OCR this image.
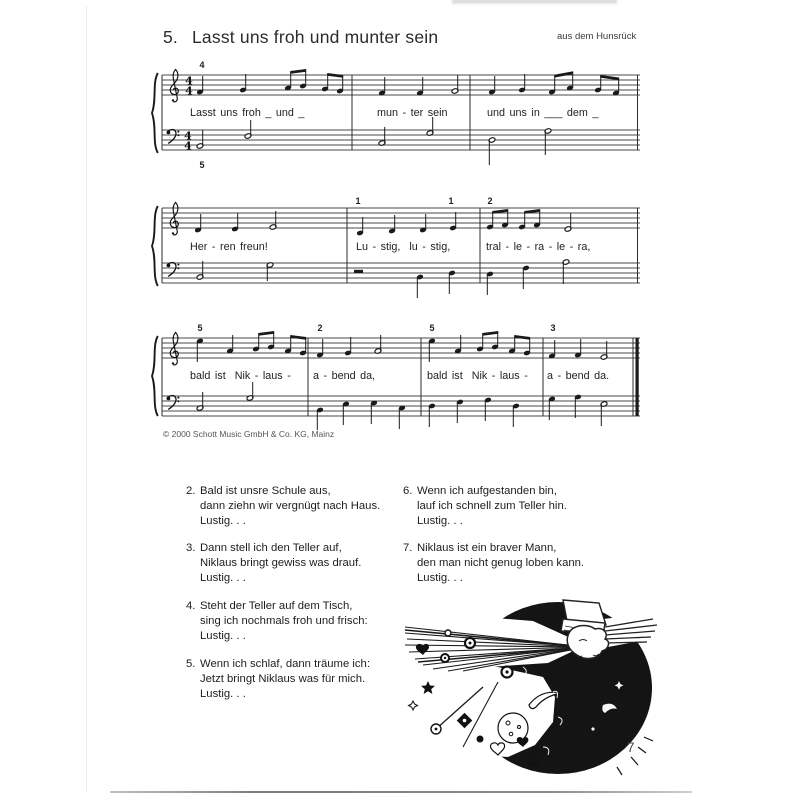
5. Lasst uns froh und munter sein	aus dem Hunsrück
4
4
4
4
4
5
Lasst uns froh _ und _	mun - ter sein	und uns in ___ dem _
1	1	2
Her - ren freun!	Lu - stig,  lu - stig,	tral - le - ra - le - ra,
5	2	5	3
bald ist  Nik - laus - a - bend da,	bald ist  Nik - laus - a - bend da.
© 2000 Schott Music GmbH & Co. KG, Mainz
2. Bald ist unsre Schule aus,
dann ziehn wir vergnügt nach Haus.
Lustig. . .
3. Dann stell ich den Teller auf,
Niklaus bringt gewiss was drauf.
Lustig. . .
4. Steht der Teller auf dem Tisch,
sing ich nochmals froh und frisch:
Lustig. . .
5. Wenn ich schlaf, dann träume ich:
Jetzt bringt Niklaus was für mich.
Lustig. . .
6. Wenn ich aufgestanden bin,
lauf ich schnell zum Teller hin.
Lustig. . .
7. Niklaus ist ein braver Mann,
den man nicht genug loben kann.
Lustig. . .
7
